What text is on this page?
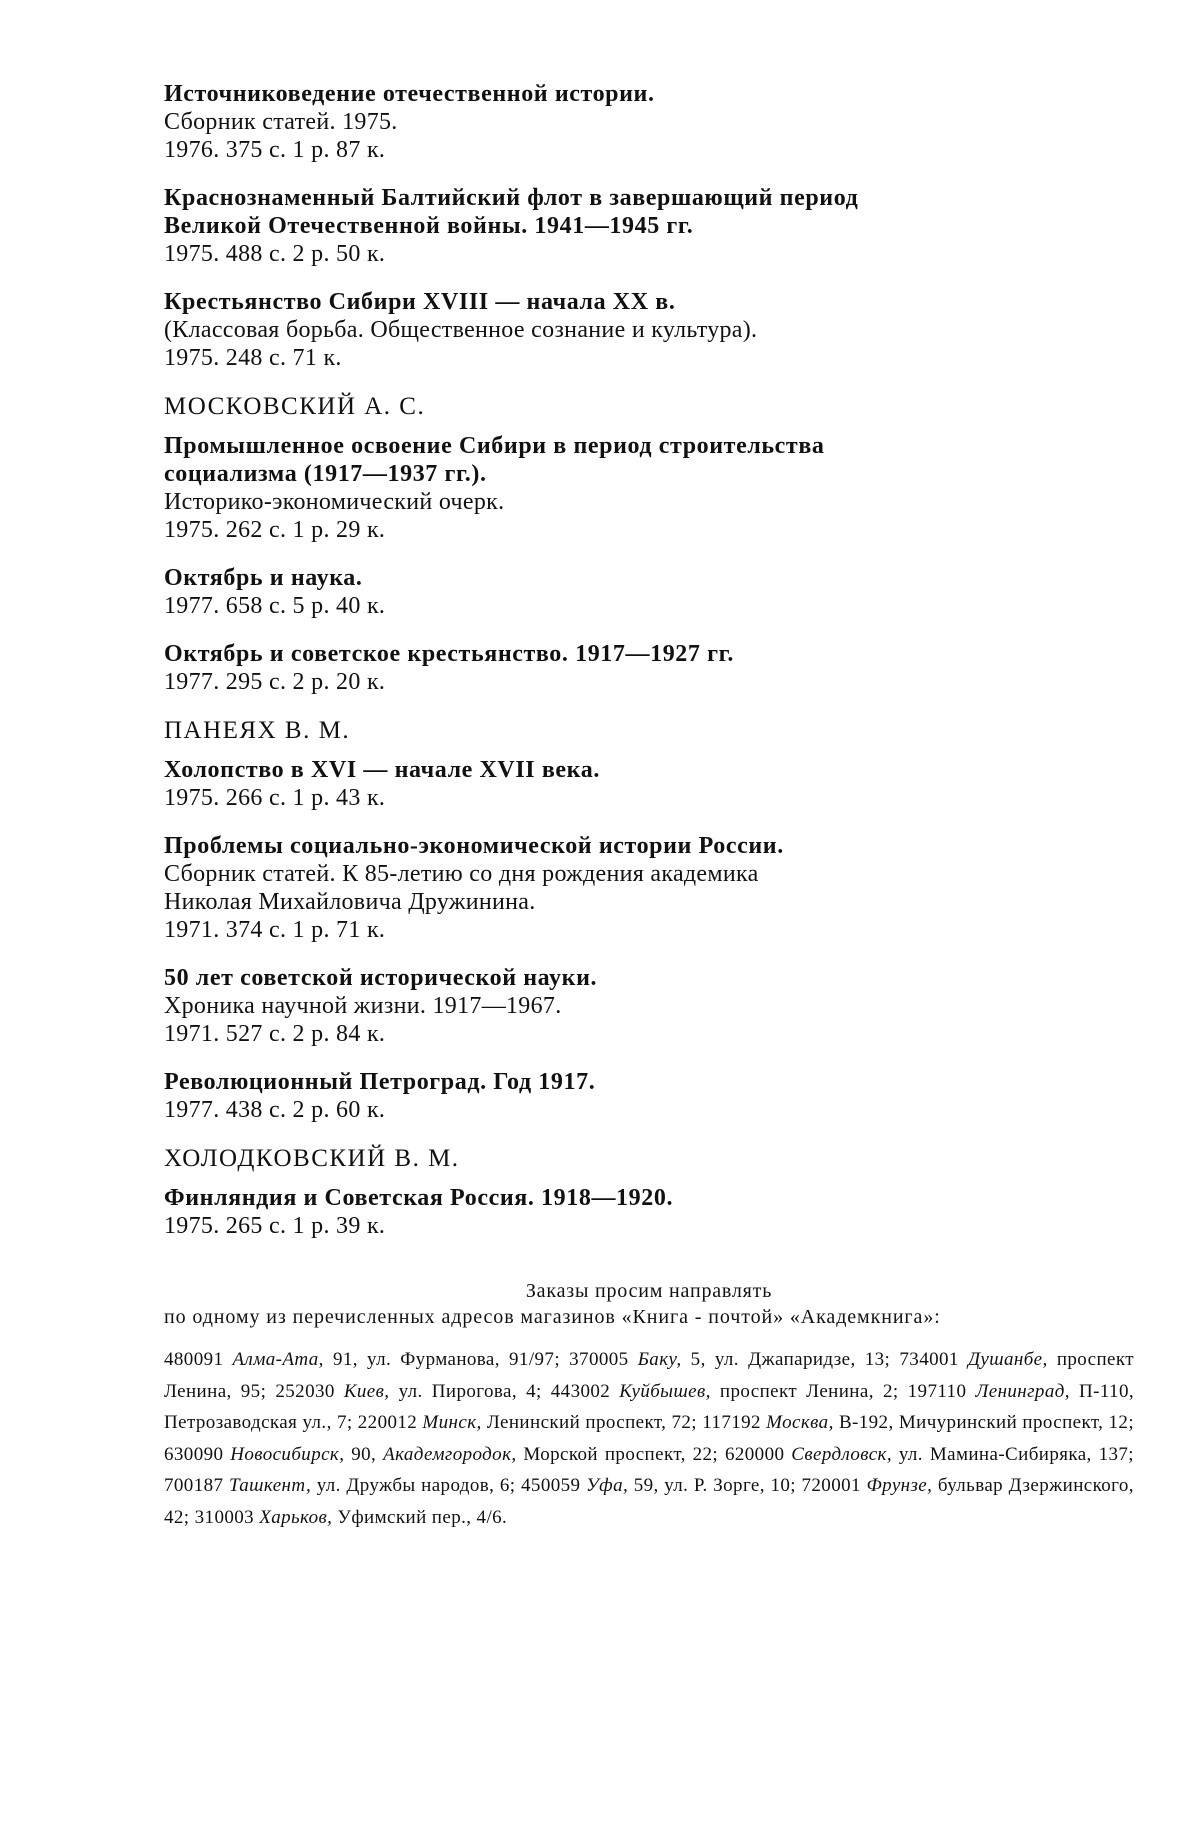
Источниковедение отечественной истории.
Сборник статей. 1975.
1976. 375 с. 1 р. 87 к.
Краснознаменный Балтийский флот в завершающий период
Великой Отечественной войны. 1941—1945 гг.
1975. 488 с. 2 р. 50 к.
Крестьянство Сибири XVIII — начала XX в.
(Классовая борьба. Общественное сознание и культура).
1975. 248 с. 71 к.
МОСКОВСКИЙ А. С.
Промышленное освоение Сибири в период строительства
социализма (1917—1937 гг.).
Историко-экономический очерк.
1975. 262 с. 1 р. 29 к.
Октябрь и наука.
1977. 658 с. 5 р. 40 к.
Октябрь и советское крестьянство. 1917—1927 гг.
1977. 295 с. 2 р. 20 к.
ПАНЕЯХ В. М.
Холопство в XVI — начале XVII века.
1975. 266 с. 1 р. 43 к.
Проблемы социально-экономической истории России.
Сборник статей. К 85-летию со дня рождения академика
Николая Михайловича Дружинина.
1971. 374 с. 1 р. 71 к.
50 лет советской исторической науки.
Хроника научной жизни. 1917—1967.
1971. 527 с. 2 р. 84 к.
Революционный Петроград. Год 1917.
1977. 438 с. 2 р. 60 к.
ХОЛОДКОВСКИЙ В. М.
Финляндия и Советская Россия. 1918—1920.
1975. 265 с. 1 р. 39 к.
Заказы просим направлять
по одному из перечисленных адресов магазинов «Книга - почтой» «Академкнига»:
480091 Алма-Ата, 91, ул. Фурманова, 91/97; 370005 Баку, 5, ул. Джапаридзе, 13; 734001 Душанбе, проспект Ленина, 95; 252030 Киев, ул. Пирогова, 4; 443002 Куйбышев, проспект Ленина, 2; 197110 Ленинград, П-110, Петрозаводская ул., 7; 220012 Минск, Ленинский проспект, 72; 117192 Москва, В-192, Мичуринский проспект, 12; 630090 Новосибирск, 90, Академгородок, Морской проспект, 22; 620000 Свердловск, ул. Мамина-Сибиряка, 137; 700187 Ташкент, ул. Дружбы народов, 6; 450059 Уфа, 59, ул. Р. Зорге, 10; 720001 Фрунзе, бульвар Дзержинского, 42; 310003 Харьков, Уфимский пер., 4/6.
